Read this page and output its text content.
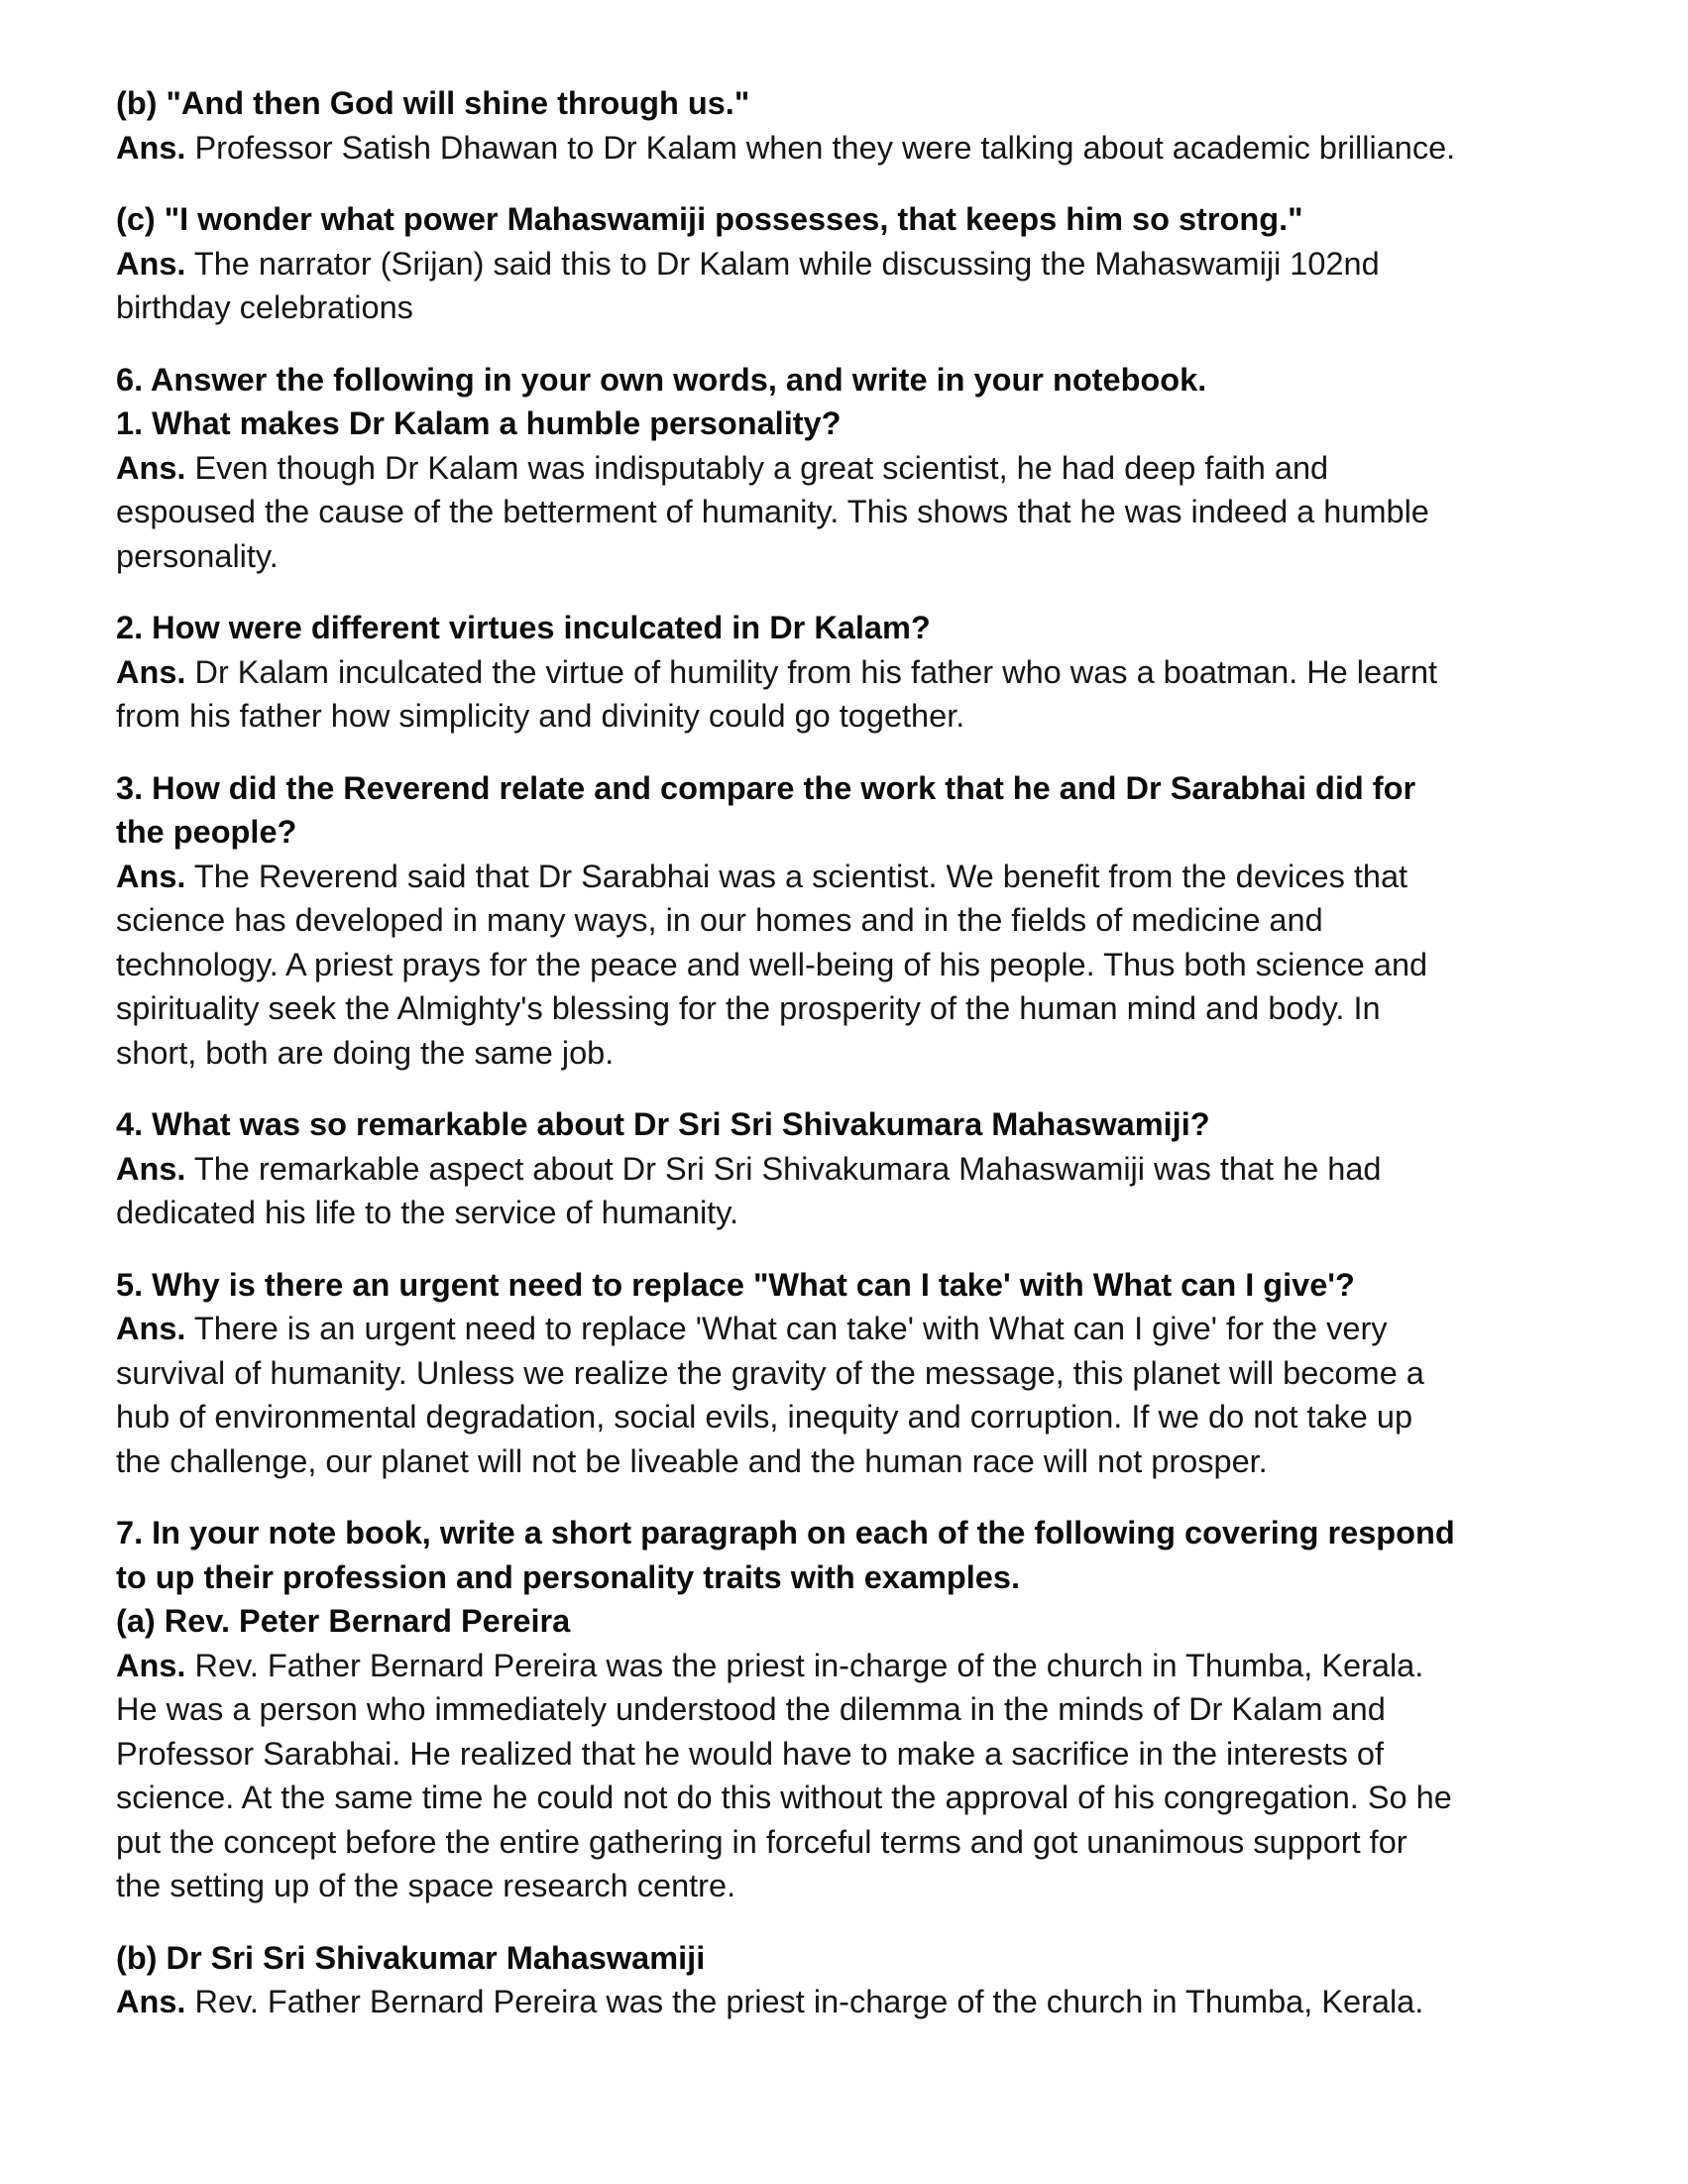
(b) "And then God will shine through us."
Ans. Professor Satish Dhawan to Dr Kalam when they were talking about academic brilliance.
(c) "I wonder what power Mahaswamiji possesses, that keeps him so strong."
Ans. The narrator (Srijan) said this to Dr Kalam while discussing the Mahaswamiji 102nd
birthday celebrations
6. Answer the following in your own words, and write in your notebook.
1. What makes Dr Kalam a humble personality?
Ans. Even though Dr Kalam was indisputably a great scientist, he had deep faith and
espoused the cause of the betterment of humanity. This shows that he was indeed a humble
personality.
2. How were different virtues inculcated in Dr Kalam?
Ans. Dr Kalam inculcated the virtue of humility from his father who was a boatman. He learnt
from his father how simplicity and divinity could go together.
3. How did the Reverend relate and compare the work that he and Dr Sarabhai did for
the people?
Ans. The Reverend said that Dr Sarabhai was a scientist. We benefit from the devices that
science has developed in many ways, in our homes and in the fields of medicine and
technology. A priest prays for the peace and well-being of his people. Thus both science and
spirituality seek the Almighty's blessing for the prosperity of the human mind and body. In
short, both are doing the same job.
4. What was so remarkable about Dr Sri Sri Shivakumara Mahaswamiji?
Ans. The remarkable aspect about Dr Sri Sri Shivakumara Mahaswamiji was that he had
dedicated his life to the service of humanity.
5. Why is there an urgent need to replace "What can I take' with What can I give'?
Ans. There is an urgent need to replace 'What can take' with What can I give' for the very
survival of humanity. Unless we realize the gravity of the message, this planet will become a
hub of environmental degradation, social evils, inequity and corruption. If we do not take up
the challenge, our planet will not be liveable and the human race will not prosper.
7. In your note book, write a short paragraph on each of the following covering respond
to up their profession and personality traits with examples.
(a) Rev. Peter Bernard Pereira
Ans. Rev. Father Bernard Pereira was the priest in-charge of the church in Thumba, Kerala.
He was a person who immediately understood the dilemma in the minds of Dr Kalam and
Professor Sarabhai. He realized that he would have to make a sacrifice in the interests of
science. At the same time he could not do this without the approval of his congregation. So he
put the concept before the entire gathering in forceful terms and got unanimous support for
the setting up of the space research centre.
(b) Dr Sri Sri Shivakumar Mahaswamiji
Ans. Rev. Father Bernard Pereira was the priest in-charge of the church in Thumba, Kerala.
